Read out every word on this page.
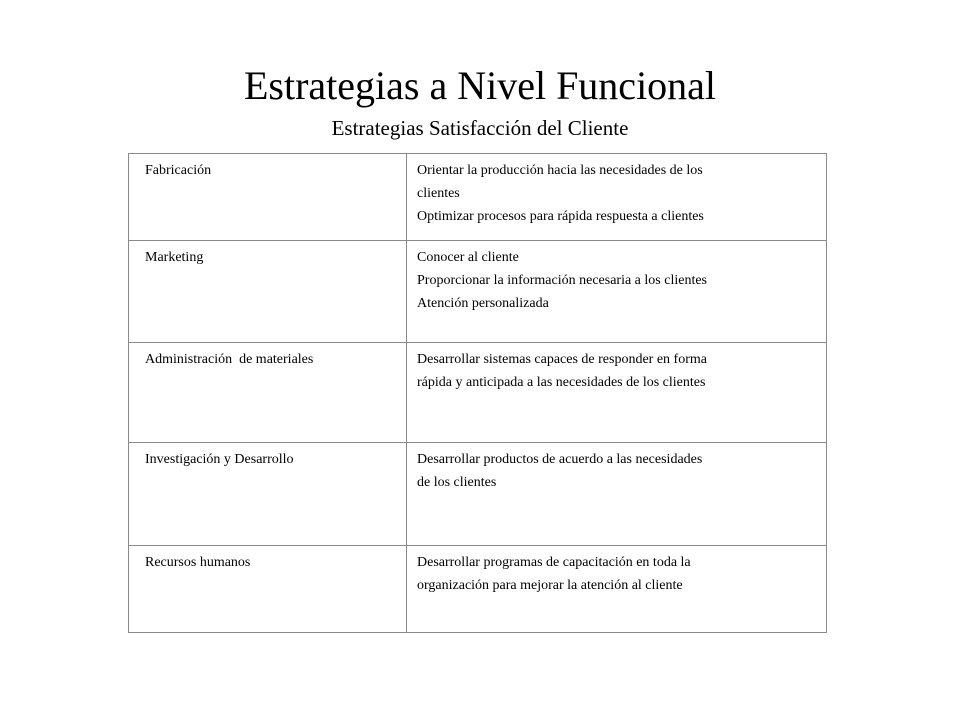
Estrategias a Nivel Funcional
Estrategias Satisfacción del Cliente
Fabricación	Orientar la producción hacia las necesidades de los
clientes
Optimizar procesos para rápida respuesta a clientes

Marketing	Conocer al cliente
Proporcionar la información necesaria a los clientes
Atención personalizada

Administración  de materiales	Desarrollar sistemas capaces de responder en forma
rápida y anticipada a las necesidades de los clientes

Investigación y Desarrollo	Desarrollar productos de acuerdo a las necesidades
de los clientes

Recursos humanos	Desarrollar programas de capacitación en toda la
organización para mejorar la atención al cliente
